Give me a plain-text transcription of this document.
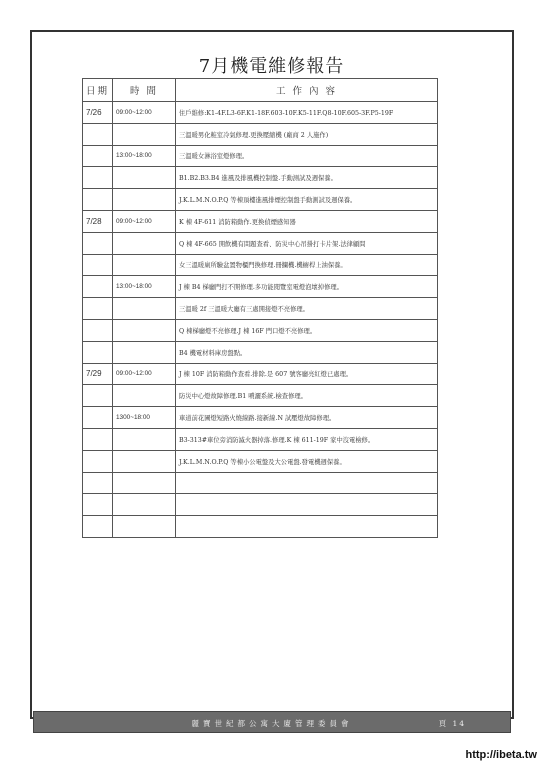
7月機電維修報告
日期	時 間	工 作 內 容
7/26	09:00~12:00	住戶維修:K1-4F.L3-6F.K1-18F.603-10F.K5-11F.Q8-10F.605-3F.P5-19F
		三溫暖男化粧室冷氣修理.更換壓縮機 (廠商 2 人施作)
	13:00~18:00	三溫暖女淋浴室燈修理。
		B1.B2.B3.B4 進風及排風機控制盤.手動測試及週保養。
		J.K.L.M.N.O.P.Q 等棟頂樓進風排煙控制盤手動測試及週保養。
7/28	09:00~12:00	K 棟 4F-611 消防箱動作.更換偵煙感知器
		Q 棟 4F-665 開飲機有問題查看、防災中心吊掛打卡片架.法律顧問
		女三溫暖廁所驗盆置物櫃門換修理.冊攔機.機櫥桿上油保養。
	13:00~18:00	J 棟 B4 梯廳門打不開修理.多功能閱覽室電燈泡壞掉修理。
		三溫暖 2f 三溫暖大廳有三處開接燈不亮修理。
		Q 棟梯廳燈不亮修理.J 棟 16F 門口燈不亮修理。
		B4 機電材料庫房盤點。
7/29	09:00~12:00	J 棟 10F 消防箱動作查看.排除.是 607 號客廳亮紅燈已處理。
		防災中心燈故障修理.B1 噴灑系統.檢查修理。
	1300~18:00	車道前花圃燈短路火燒線路.接新線.N 試壓燈故障修理。
		B3-313#車位旁消防滅火器掉落.修理.K 棟 611-19F 家中沒電檢修。
		J.K.L.M.N.O.P.Q 等棟小公電盤及大公電盤.發電機週保養。

麗寶世紀都公寓大廈管理委員會	頁 14
http://ibeta.tw
